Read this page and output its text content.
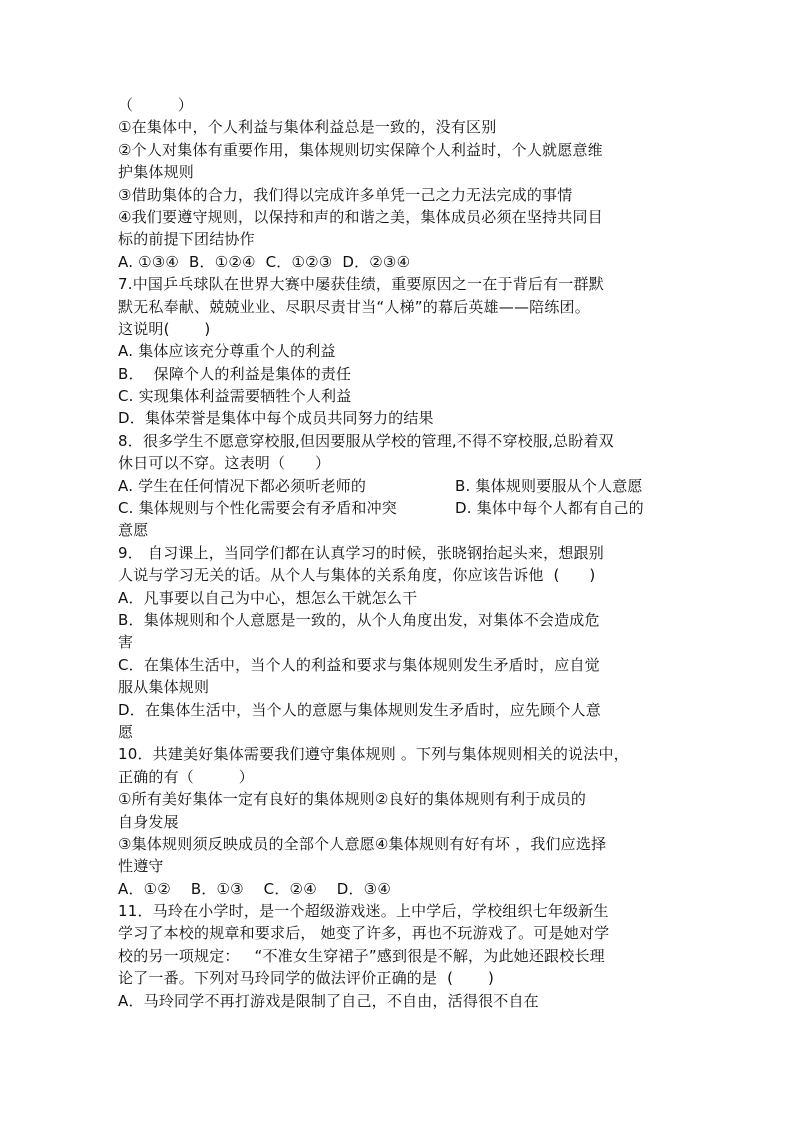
（         ）
①在集体中，个人利益与集体利益总是一致的，没有区别
②个人对集体有重要作用，集体规则切实保障个人利益时，个人就愿意维
护集体规则
③借助集体的合力，我们得以完成许多单凭一己之力无法完成的事情
④我们要遵守规则，以保持和声的和谐之美，集体成员必须在坚持共同目
标的前提下团结协作
A. ①③④  B．①②④  C．①②③  D．②③④
7.中国乒乓球队在世界大赛中屡获佳绩，重要原因之一在于背后有一群默
默无私奉献、兢兢业业、尽职尽责甘当“人梯”的幕后英雄——陪练团。
这说明(       )
A. 集体应该充分尊重个人的利益
B．  保障个人的利益是集体的责任
C. 实现集体利益需要牺牲个人利益
D．集体荣誉是集体中每个成员共同努力的结果
8．很多学生不愿意穿校服,但因要服从学校的管理,不得不穿校服,总盼着双
休日可以不穿。这表明（      ）
A. 学生在任何情况下都必须听老师的	B. 集体规则要服从个人意愿
C. 集体规则与个性化需要会有矛盾和冲突	D. 集体中每个人都有自己的
意愿
9． 自习课上，当同学们都在认真学习的时候，张晓钢抬起头来，想跟别
人说与学习无关的话。从个人与集体的关系角度，你应该告诉他  (      )
A．凡事要以自己为中心，想怎么干就怎么干
B．集体规则和个人意愿是一致的，从个人角度出发，对集体不会造成危
害
C．在集体生活中，当个人的利益和要求与集体规则发生矛盾时，应自觉
服从集体规则
D．在集体生活中，当个人的意愿与集体规则发生矛盾时，应先顾个人意
愿
10．共建美好集体需要我们遵守集体规则 。下列与集体规则相关的说法中，
正确的有（         ）
①所有美好集体一定有良好的集体规则②良好的集体规则有利于成员的
自身发展
③集体规则须反映成员的全部个人意愿④集体规则有好有坏 ，我们应选择
性遵守
A．①②    B．①③    C．②④    D．③④
11．马玲在小学时，是一个超级游戏迷。上中学后，学校组织七年级新生
学习了本校的规章和要求后， 她变了许多，再也不玩游戏了。可是她对学
校的另一项规定：   “不准女生穿裙子”感到很是不解，为此她还跟校长理
论了一番。下列对马玲同学的做法评价正确的是  (       )
A．马玲同学不再打游戏是限制了自己，不自由，活得很不自在
